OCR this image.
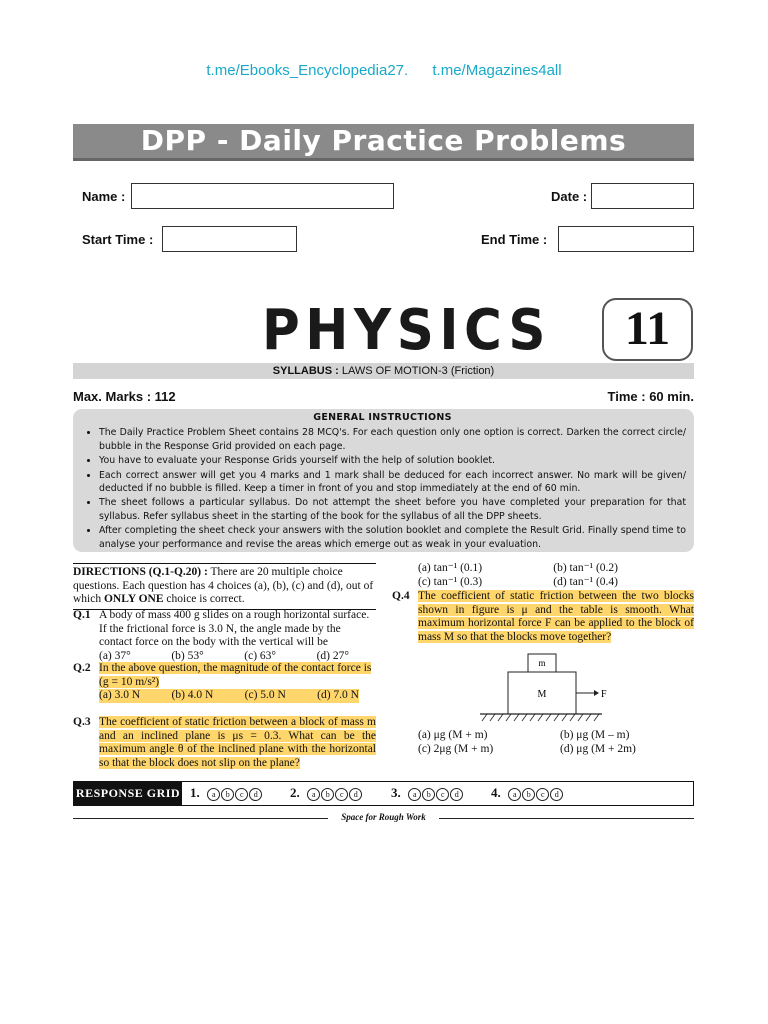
t.me/Ebooks_Encyclopedia27. t.me/Magazines4all
DPP - Daily Practice Problems
Name :	Date :
Start Time :	End Time :
PHYSICS	11
SYLLABUS : LAWS OF MOTION-3 (Friction)
Max. Marks : 112	Time : 60 min.
GENERAL INSTRUCTIONS
• The Daily Practice Problem Sheet contains 28 MCQ's. For each question only one option is correct. Darken the correct circle/ bubble in the Response Grid provided on each page.
• You have to evaluate your Response Grids yourself with the help of solution booklet.
• Each correct answer will get you 4 marks and 1 mark shall be deduced for each incorrect answer. No mark will be given/ deducted if no bubble is filled. Keep a timer in front of you and stop immediately at the end of 60 min.
• The sheet follows a particular syllabus. Do not attempt the sheet before you have completed your preparation for that syllabus. Refer syllabus sheet in the starting of the book for the syllabus of all the DPP sheets.
• After completing the sheet check your answers with the solution booklet and complete the Result Grid. Finally spend time to analyse your performance and revise the areas which emerge out as weak in your evaluation.
DIRECTIONS (Q.1-Q.20) : There are 20 multiple choice questions. Each question has 4 choices (a), (b), (c) and (d), out of which ONLY ONE choice is correct.
Q.1 A body of mass 400 g slides on a rough horizontal surface. If the frictional force is 3.0 N, the angle made by the contact force on the body with the vertical will be
(a) 37°	(b) 53°	(c) 63°	(d) 27°
Q.2 In the above question, the magnitude of the contact force is
(g = 10 m/s²)
(a) 3.0 N	(b) 4.0 N	(c) 5.0 N	(d) 7.0 N
Q.3 The coefficient of static friction between a block of mass m and an inclined plane is μs = 0.3. What can be the maximum angle θ of the inclined plane with the horizontal so that the block does not slip on the plane?
(a) tan⁻¹ (0.1)	(b) tan⁻¹ (0.2)
(c) tan⁻¹ (0.3)	(d) tan⁻¹ (0.4)
Q.4 The coefficient of static friction between the two blocks shown in figure is μ and the table is smooth. What maximum horizontal force F can be applied to the block of mass M so that the blocks move together?
m
M	F
(a) μg (M + m)	(b) μg (M – m)
(c) 2μg (M + m)	(d) μg (M + 2m)
RESPONSE GRID 1. a b c d	2. a b c d	3. a b c d	4. a b c d
Space for Rough Work
